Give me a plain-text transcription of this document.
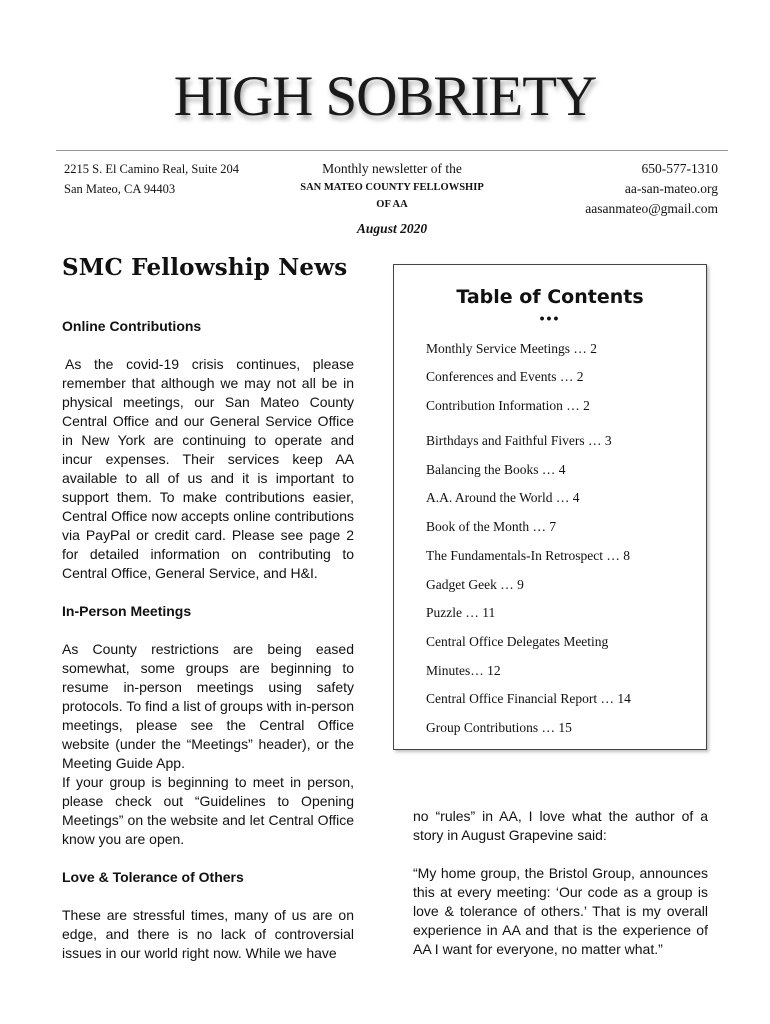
HIGH SOBRIETY
2215 S. El Camino Real, Suite 204
San Mateo, CA 94403
Monthly newsletter of the
SAN MATEO COUNTY FELLOWSHIP
OF AA
650-577-1310
aa-san-mateo.org
aasanmateo@gmail.com
August 2020
SMC Fellowship News
Online Contributions

As the covid-19 crisis continues, please remember that although we may not all be in physical meetings, our San Mateo County Central Office and our General Service Office in New York are continuing to operate and incur expenses. Their services keep AA available to all of us and it is important to support them. To make contributions easier, Central Office now accepts online contributions via PayPal or credit card. Please see page 2 for detailed information on contributing to Central Office, General Service, and H&I.

In-Person Meetings

As County restrictions are being eased somewhat, some groups are beginning to resume in-person meetings using safety protocols. To find a list of groups with in-person meetings, please see the Central Office website (under the “Meetings” header), or the Meeting Guide App.

If your group is beginning to meet in person, please check out “Guidelines to Opening Meetings” on the website and let Central Office know you are open.

Love & Tolerance of Others

These are stressful times, many of us are on edge, and there is no lack of controversial issues in our world right now. While we have

Table of Contents
•••
Monthly Service Meetings … 2
Conferences and Events … 2
Contribution Information … 2
Birthdays and Faithful Fivers … 3
Balancing the Books … 4
A.A. Around the World … 4
Book of the Month … 7
The Fundamentals-In Retrospect … 8
Gadget Geek … 9
Puzzle … 11
Central Office Delegates Meeting
Minutes… 12
Central Office Financial Report … 14
Group Contributions … 15

no “rules” in AA, I love what the author of a story in August Grapevine said:

“My home group, the Bristol Group, announces this at every meeting: ‘Our code as a group is love & tolerance of others.’ That is my overall experience in AA and that is the experience of AA I want for everyone, no matter what.”
